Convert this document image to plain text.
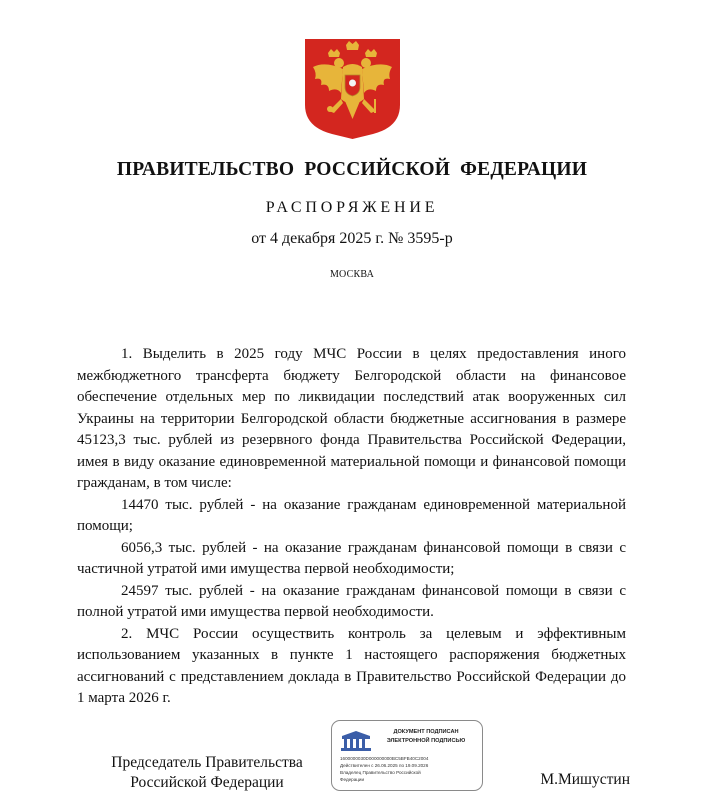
ПРАВИТЕЛЬСТВО РОССИЙСКОЙ ФЕДЕРАЦИИ
РАСПОРЯЖЕНИЕ
от 4 декабря 2025 г. № 3595-р
МОСКВА

1. Выделить в 2025 году МЧС России в целях предоставления иного межбюджетного трансферта бюджету Белгородской области на финансовое обеспечение отдельных мер по ликвидации последствий атак вооруженных сил Украины на территории Белгородской области бюджетные ассигнования в размере 45123,3 тыс. рублей из резервного фонда Правительства Российской Федерации, имея в виду оказание единовременной материальной помощи и финансовой помощи гражданам, в том числе:

14470 тыс. рублей - на оказание гражданам единовременной материальной помощи;

6056,3 тыс. рублей - на оказание гражданам финансовой помощи в связи с частичной утратой ими имущества первой необходимости;

24597 тыс. рублей - на оказание гражданам финансовой помощи в связи с полной утратой ими имущества первой необходимости.

2. МЧС России осуществить контроль за целевым и эффективным использованием указанных в пункте 1 настоящего распоряжения бюджетных ассигнований с представлением доклада в Правительство Российской Федерации до 1 марта 2026 г.

Председатель Правительства
Российской Федерации
ДОКУМЕНТ ПОДПИСАН
ЭЛЕКТРОННОЙ ПОДПИСЬЮ
1600000030D000000000BC5BFB40C2004
Действителен с 26.06.2025 по 19.09.2026
Владелец Правительство Российской
Федерации	М.Мишустин
